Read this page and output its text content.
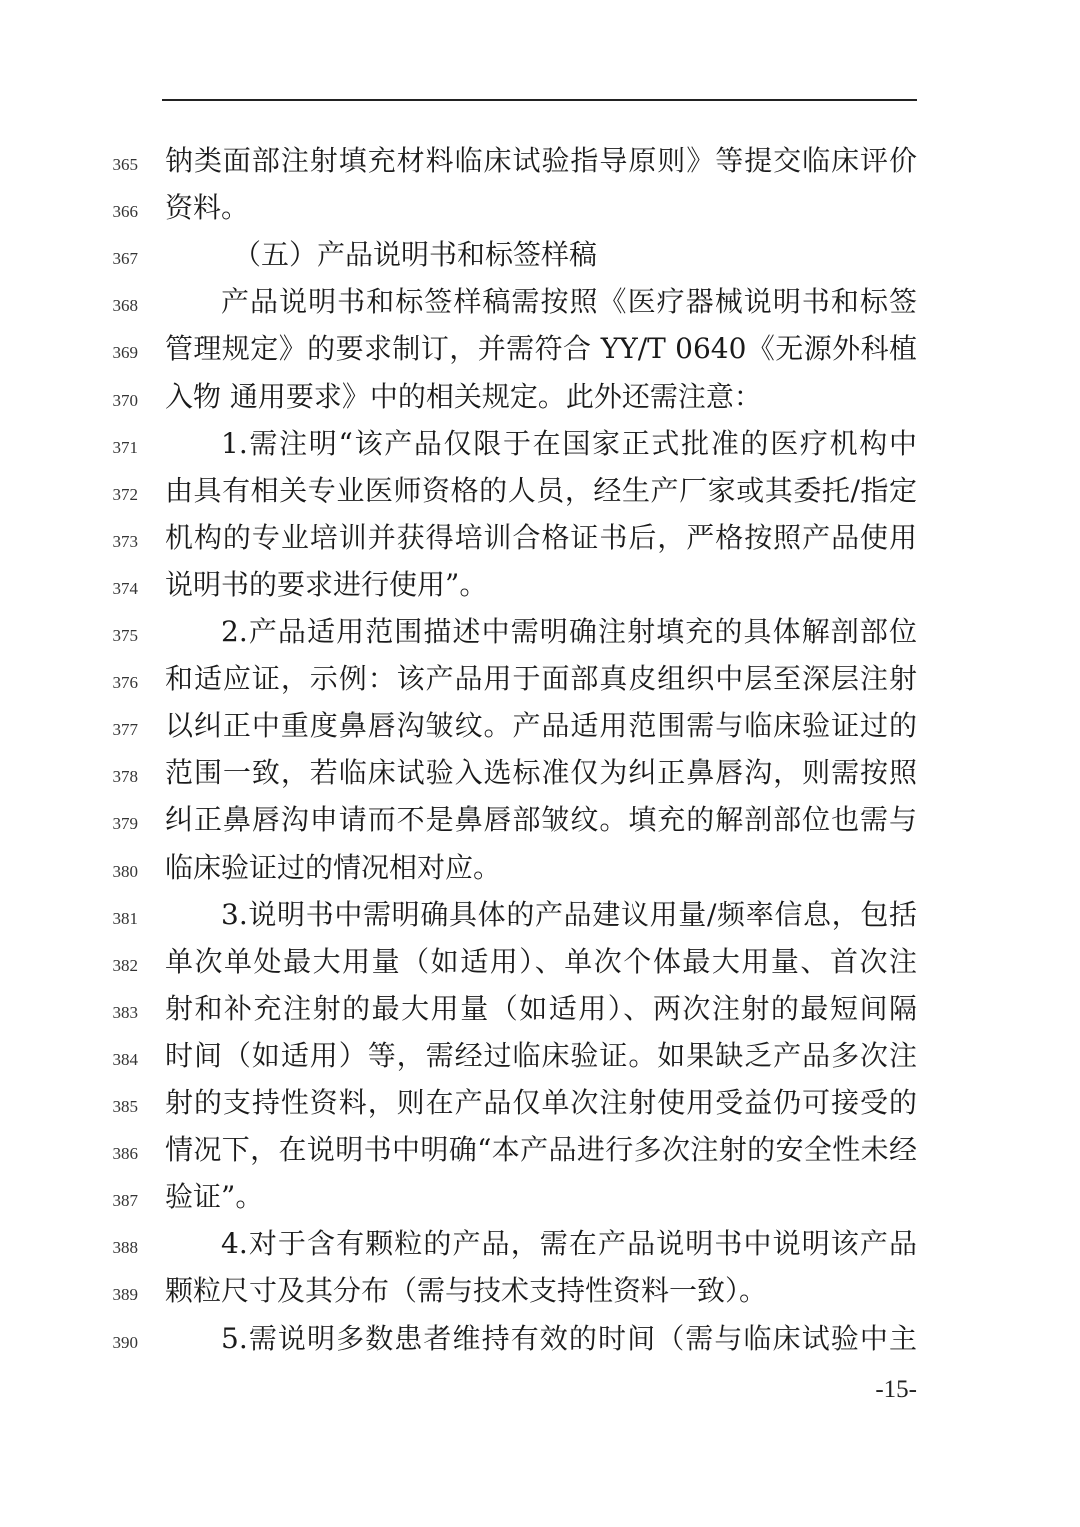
365 钠类面部注射填充材料临床试验指导原则》等提交临床评价
366 资料。
367	（五）产品说明书和标签样稿
368	产品说明书和标签样稿需按照《医疗器械说明书和标签
369 管理规定》的要求制订，并需符合 YY/T 0640《无源外科植
370 入物 通用要求》中的相关规定。此外还需注意：
371	1.需注明“该产品仅限于在国家正式批准的医疗机构中
372 由具有相关专业医师资格的人员，经生产厂家或其委托/指定
373 机构的专业培训并获得培训合格证书后，严格按照产品使用
374 说明书的要求进行使用”。
375	2.产品适用范围描述中需明确注射填充的具体解剖部位
376 和适应证，示例：该产品用于面部真皮组织中层至深层注射
377 以纠正中重度鼻唇沟皱纹。产品适用范围需与临床验证过的
378 范围一致，若临床试验入选标准仅为纠正鼻唇沟，则需按照
379 纠正鼻唇沟申请而不是鼻唇部皱纹。填充的解剖部位也需与
380 临床验证过的情况相对应。
381	3.说明书中需明确具体的产品建议用量/频率信息，包括
382 单次单处最大用量（如适用）、单次个体最大用量、首次注
383 射和补充注射的最大用量（如适用）、两次注射的最短间隔
384 时间（如适用）等，需经过临床验证。如果缺乏产品多次注
385 射的支持性资料，则在产品仅单次注射使用受益仍可接受的
386 情况下，在说明书中明确“本产品进行多次注射的安全性未经
387 验证”。
388	4.对于含有颗粒的产品，需在产品说明书中说明该产品
389 颗粒尺寸及其分布（需与技术支持性资料一致）。
390	5.需说明多数患者维持有效的时间（需与临床试验中主
-15-
